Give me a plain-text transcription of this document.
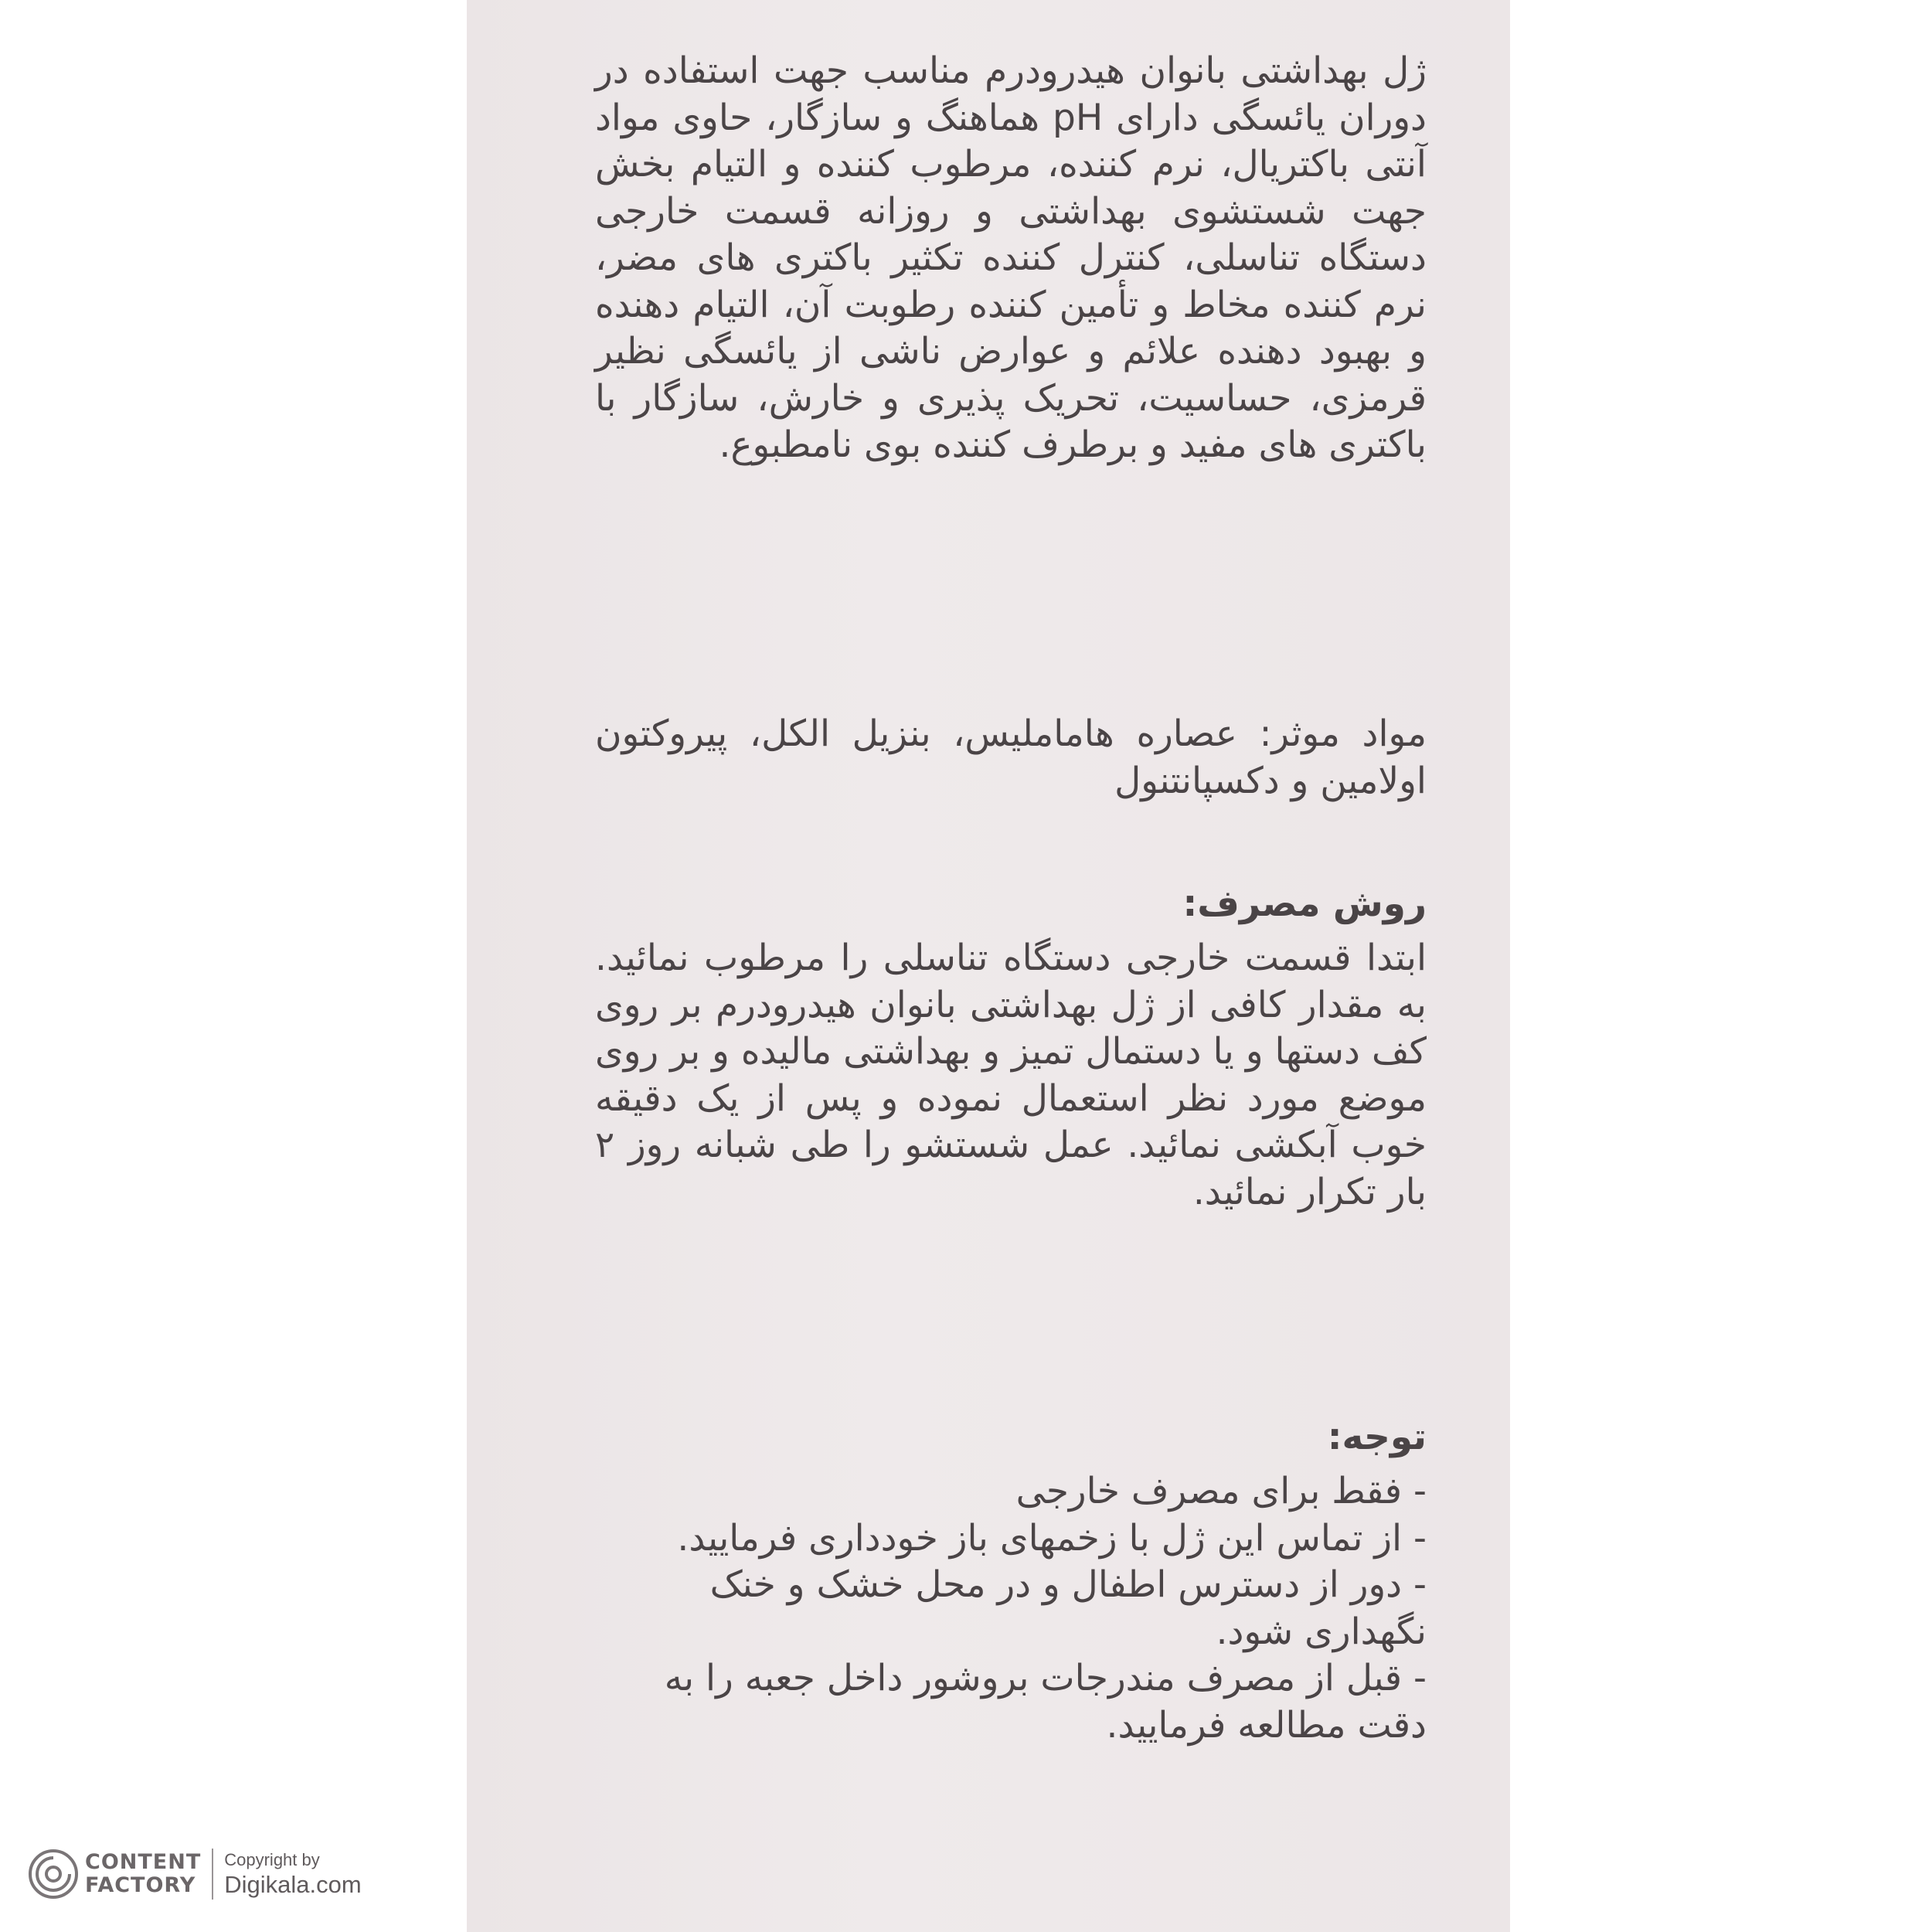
ژل بهداشتی بانوان هیدرودرم مناسب جهت استفاده در دوران یائسگی دارای pH هماهنگ و سازگار، حاوی مواد آنتی باکتریال، نرم کننده، مرطوب کننده و التیام بخش جهت شستشوی بهداشتی و روزانه قسمت خارجی دستگاه تناسلی، کنترل کننده تکثیر باکتری های مضر، نرم کننده مخاط و تأمین کننده رطوبت آن، التیام دهنده و بهبود دهنده علائم و عوارض ناشی از یائسگی نظیر قرمزی، حساسیت، تحریک پذیری و خارش، سازگار با باکتری های مفید و برطرف کننده بوی نامطبوع.

مواد موثر: عصاره هامامليس، بنزیل الکل، پیروکتون اولامین و دکسپانتنول

روش مصرف:

ابتدا قسمت خارجی دستگاه تناسلی را مرطوب نمائید. به مقدار کافی از ژل بهداشتی بانوان هیدرودرم بر روی کف دستها و یا دستمال تمیز و بهداشتی مالیده و بر روی موضع مورد نظر استعمال نموده و پس از یک دقیقه خوب آبکشی نمائید. عمل شستشو را طی شبانه روز ۲ بار تکرار نمائید.

توجه:

- فقط برای مصرف خارجی

- از تماس این ژل با زخمهای باز خودداری فرمایید.

- دور از دسترس اطفال و در محل خشک و خنک نگهداری شود.

- قبل از مصرف مندرجات بروشور داخل جعبه را به دقت مطالعه فرمایید.

CONTENT
FACTORY
Copyright by
Digikala.com
